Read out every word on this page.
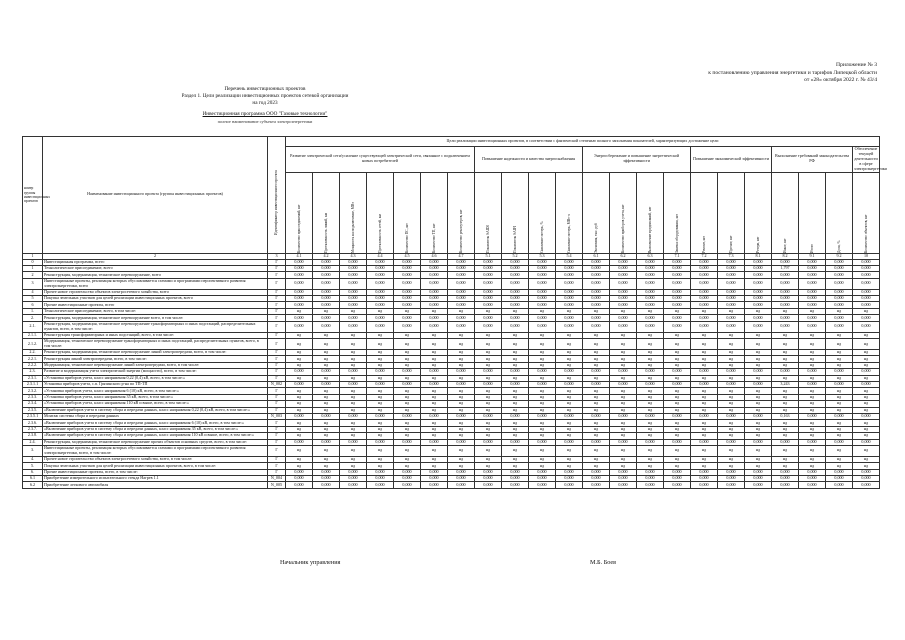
Приложение № 3
к постановлению управления энергетики и тарифов Липецкой области
от «28» октября 2022 г. № 43/4
Перечень инвестиционных проектов
Раздел 1. Цели реализации инвестиционных проектов сетевой организации
на год 2023
Инвестиционная программа ООО "Газовые технологии"
полное наименование субъекта электроэнергетики
номер группы инвестиционных проектов	Наименование инвестиционного проекта (группы инвестиционных проектов)	Идентификатор инвестиционного проекта	Цели реализации инвестиционных проектов, в соответствии с фактической степенью полного заполнения показателей, характеризующих достижение цели																					
			Развитие электрической сети/усиление существующей электрической сети, связанное с подключением новых потребителей							Повышение надежности и качества энергоснабжения				Энергосбережение и повышение энергетической эффективности				Повышение экономической эффективности			Выполнение требований законодательства РФ			Обеспечение текущей деятельности в сфере электроэнергетики

			Количество присоединений, шт	Протяженность линий, км	Мощность на подключение, МВт	Протяженность сетей, км	Количество ПС, шт	Количество ТП, шт	Количество реклоузеров, шт	Показатель SAIDI	Показатель SAIFI	Снижение потерь, %	Снижение потерь, МВт·ч	Экономия, тыс. руб	Количество приборов учета, шт	Выполнение предписаний, шт	Замена оборудования, шт	Ремонт, шт	Прочие, шт	Резерв, шт	Иные, шт	Итого	Доля, %	Количество объектов, шт

1	2	3	4.1	4.2	4.3	4.4	4.5	4.6	4.7	5.1	5.2	5.3	5.4	6.1	6.2	6.3	7.1	7.2	7.3	8.1	8.2	9.1	9.2	10
0	Инвестиционная программа, всего	Г	0,000	0,000	0,000	0,000	0,000	0,000	0,000	0,000	0,000	0,000	0,000	0,000	0,000	0,000	0,000	0,000	0,000	0,000	0,000	0,000	0,000	0,000
1	Технологическое присоединение, всего	Г	0,000	0,000	0,000	0,000	0,000	0,000	0,000	0,000	0,000	0,000	0,000	0,000	0,000	0,000	0,000	0,000	0,000	0,000	1,797	0,000	0,000	0,000
2	Реконструкция, модернизация, техническое перевооружение, всего	Г	0,000	0,000	0,000	0,000	0,000	0,000	0,000	0,000	0,000	0,000	0,000	0,000	0,000	0,000	0,000	0,000	0,000	0,000	0,000	0,000	0,000	0,000
3	Инвестиционные проекты, реализация которых обуславливается схемами и программами перспективного развития электроэнергетики, всего	Г	0,000	0,000	0,000	0,000	0,000	0,000	0,000	0,000	0,000	0,000	0,000	0,000	0,000	0,000	0,000	0,000	0,000	0,000	0,000	0,000	0,000	0,000
4	Прочее новое строительство объектов электросетевого хозяйства, всего	Г	0,000	0,000	0,000	0,000	0,000	0,000	0,000	0,000	0,000	0,000	0,000	0,000	0,000	0,000	0,000	0,000	0,000	0,000	0,000	0,000	0,000	0,000
5	Покупка земельных участков для целей реализации инвестиционных проектов, всего	Г	0,000	0,000	0,000	0,000	0,000	0,000	0,000	0,000	0,000	0,000	0,000	0,000	0,000	0,000	0,000	0,000	0,000	0,000	0,000	0,000	0,000	0,000
6	Прочие инвестиционные проекты, всего	Г	0,000	0,000	0,000	0,000	0,000	0,000	0,000	0,000	0,000	0,000	0,000	0,000	0,000	0,000	0,000	0,000	0,000	0,000	0,000	0,000	0,000	0,000
1.	Технологическое присоединение, всего, в том числе:	Г	нд	нд	нд	нд	нд	нд	нд	нд	нд	нд	нд	нд	нд	нд	нд	нд	нд	нд	нд	нд	нд	нд
2.	Реконструкция, модернизация, техническое перевооружение всего, в том числе:	Г	0,000	0,000	0,000	0,000	0,000	0,000	0,000	0,000	0,000	0,000	0,000	0,000	0,000	0,000	0,000	0,000	0,000	0,000	0,000	0,000	0,000	0,000
2.1.	Реконструкция, модернизация, техническое перевооружение трансформаторных и иных подстанций, распределительных пунктов, всего, в том числе:	Г	0,000	0,000	0,000	0,000	0,000	0,000	0,000	0,000	0,000	0,000	0,000	0,000	0,000	0,000	0,000	0,000	0,000	0,000	0,000	0,000	0,000	0,000
2.1.1.	Реконструкция трансформаторных и иных подстанций, всего, в том числе:	Г	нд	нд	нд	нд	нд	нд	нд	нд	нд	нд	нд	нд	нд	нд	нд	нд	нд	нд	нд	нд	нд	нд
2.1.2.	Модернизация, техническое перевооружение трансформаторных и иных подстанций, распределительных пунктов, всего, в том числе:	Г	нд	нд	нд	нд	нд	нд	нд	нд	нд	нд	нд	нд	нд	нд	нд	нд	нд	нд	нд	нд	нд	нд
2.2.	Реконструкция, модернизация, техническое перевооружение линий электропередачи, всего, в том числе:	Г	нд	нд	нд	нд	нд	нд	нд	нд	нд	нд	нд	нд	нд	нд	нд	нд	нд	нд	нд	нд	нд	нд
2.2.1.	Реконструкция линий электропередачи, всего, в том числе:	Г	нд	нд	нд	нд	нд	нд	нд	нд	нд	нд	нд	нд	нд	нд	нд	нд	нд	нд	нд	нд	нд	нд
2.2.2.	Модернизация, техническое перевооружение линий электропередачи, всего, в том числе:	Г	нд	нд	нд	нд	нд	нд	нд	нд	нд	нд	нд	нд	нд	нд	нд	нд	нд	нд	нд	нд	нд	нд
2.3.	Развитие и модернизация учета электрической энергии (мощности), всего, в том числе:	Г	0,000	0,000	0,000	0,000	0,000	0,000	0,000	0,000	0,000	0,000	0,000	0,000	0,000	0,000	0,000	0,000	0,000	0,000	0,000	0,000	0,000	0,000
2.3.1.	«Установка приборов учета, класс напряжения 0,22 (0,4) кВ, всего, в том числе:»	Г	нд	нд	нд	нд	нд	нд	нд	нд	нд	нд	нд	нд	нд	нд	нд	нд	нд	нд	нд	нд	нд	нд
2.3.1.1	Установка приборов учета, с.п. Грязинского р-на по ТП-ТП	N_002	0,000	0,000	0,000	0,000	0,000	0,000	0,000	0,000	0,000	0,000	0,000	0,000	0,000	0,000	0,000	0,000	0,000	0,000	3,243	0,000	0,000	0,000
2.3.2.	«Установка приборов учета, класс напряжения 6 (10) кВ, всего, в том числе:»	Г	нд	нд	нд	нд	нд	нд	нд	нд	нд	нд	нд	нд	нд	нд	нд	нд	нд	нд	нд	нд	нд	нд
2.3.3.	«Установка приборов учета, класс напряжения 35 кВ, всего, в том числе:»	Г	нд	нд	нд	нд	нд	нд	нд	нд	нд	нд	нд	нд	нд	нд	нд	нд	нд	нд	нд	нд	нд	нд
2.3.4.	«Установка приборов учета, класс напряжения 110 кВ и выше, всего, в том числе:»	Г	нд	нд	нд	нд	нд	нд	нд	нд	нд	нд	нд	нд	нд	нд	нд	нд	нд	нд	нд	нд	нд	нд
2.3.5.	«Включение приборов учета в систему сбора и передачи данных, класс напряжения 0,22 (0,4) кВ, всего, в том числе:»	Г	нд	нд	нд	нд	нд	нд	нд	нд	нд	нд	нд	нд	нд	нд	нд	нд	нд	нд	нд	нд	нд	нд
2.3.5.1	Монтаж системы сбора и передачи данных	N_003	0,000	0,000	0,000	0,000	0,000	0,000	0,000	0,000	0,000	0,000	0,000	0,000	0,000	0,000	0,000	0,000	0,000	0,000	0,163	0,000	0,000	0,000
2.3.6.	«Включение приборов учета в систему сбора и передачи данных, класс напряжения 6 (10) кВ, всего, в том числе:»	Г	нд	нд	нд	нд	нд	нд	нд	нд	нд	нд	нд	нд	нд	нд	нд	нд	нд	нд	нд	нд	нд	нд
2.3.7.	«Включение приборов учета в систему сбора и передачи данных, класс напряжения 35 кВ, всего, в том числе:»	Г	нд	нд	нд	нд	нд	нд	нд	нд	нд	нд	нд	нд	нд	нд	нд	нд	нд	нд	нд	нд	нд	нд
2.3.8.	«Включение приборов учета в систему сбора и передачи данных, класс напряжения 110 кВ и выше, всего, в том числе:»	Г	нд	нд	нд	нд	нд	нд	нд	нд	нд	нд	нд	нд	нд	нд	нд	нд	нд	нд	нд	нд	нд	нд
2.4.	Реконструкция, модернизация, техническое перевооружение прочих объектов основных средств, всего, в том числе:	Г	0,000	0,000	0,000	0,000	0,000	0,000	0,000	0,000	0,000	0,000	0,000	0,000	0,000	0,000	0,000	0,000	0,000	0,000	0,000	0,000	0,000	0,000
3.	Инвестиционные проекты, реализация которых обуславливается схемами и программами перспективного развития электроэнергетики, всего, в том числе:	Г	нд	нд	нд	нд	нд	нд	нд	нд	нд	нд	нд	нд	нд	нд	нд	нд	нд	нд	нд	нд	нд	нд
4.	Прочее новое строительство объектов электросетевого хозяйства, всего, в том числе:	Г	нд	нд	нд	нд	нд	нд	нд	нд	нд	нд	нд	нд	нд	нд	нд	нд	нд	нд	нд	нд	нд	нд
5.	Покупка земельных участков для целей реализации инвестиционных проектов, всего, в том числе:	Г	нд	нд	нд	нд	нд	нд	нд	нд	нд	нд	нд	нд	нд	нд	нд	нд	нд	нд	нд	нд	нд	нд
6.	Прочие инвестиционные проекты, всего, в том числе:	Г	0,000	0,000	0,000	0,000	0,000	0,000	0,000	0,000	0,000	0,000	0,000	0,000	0,000	0,000	0,000	0,000	0,000	0,000	0,000	0,000	0,000	0,000
6.1	Приобретение измерительного испытательного стенда Нагрев 1.1	N_004	0,000	0,000	0,000	0,000	0,000	0,000	0,000	0,000	0,000	0,000	0,000	0,000	0,000	0,000	0,000	0,000	0,000	0,000	0,000	0,000	0,000	0,000
6.2	Приобретение легкового автомобиля	N_005	0,000	0,000	0,000	0,000	0,000	0,000	0,000	0,000	0,000	0,000	0,000	0,000	0,000	0,000	0,000	0,000	0,000	0,000	0,000	0,000	0,000	0,000
Начальник управления	М.Б. Боев
